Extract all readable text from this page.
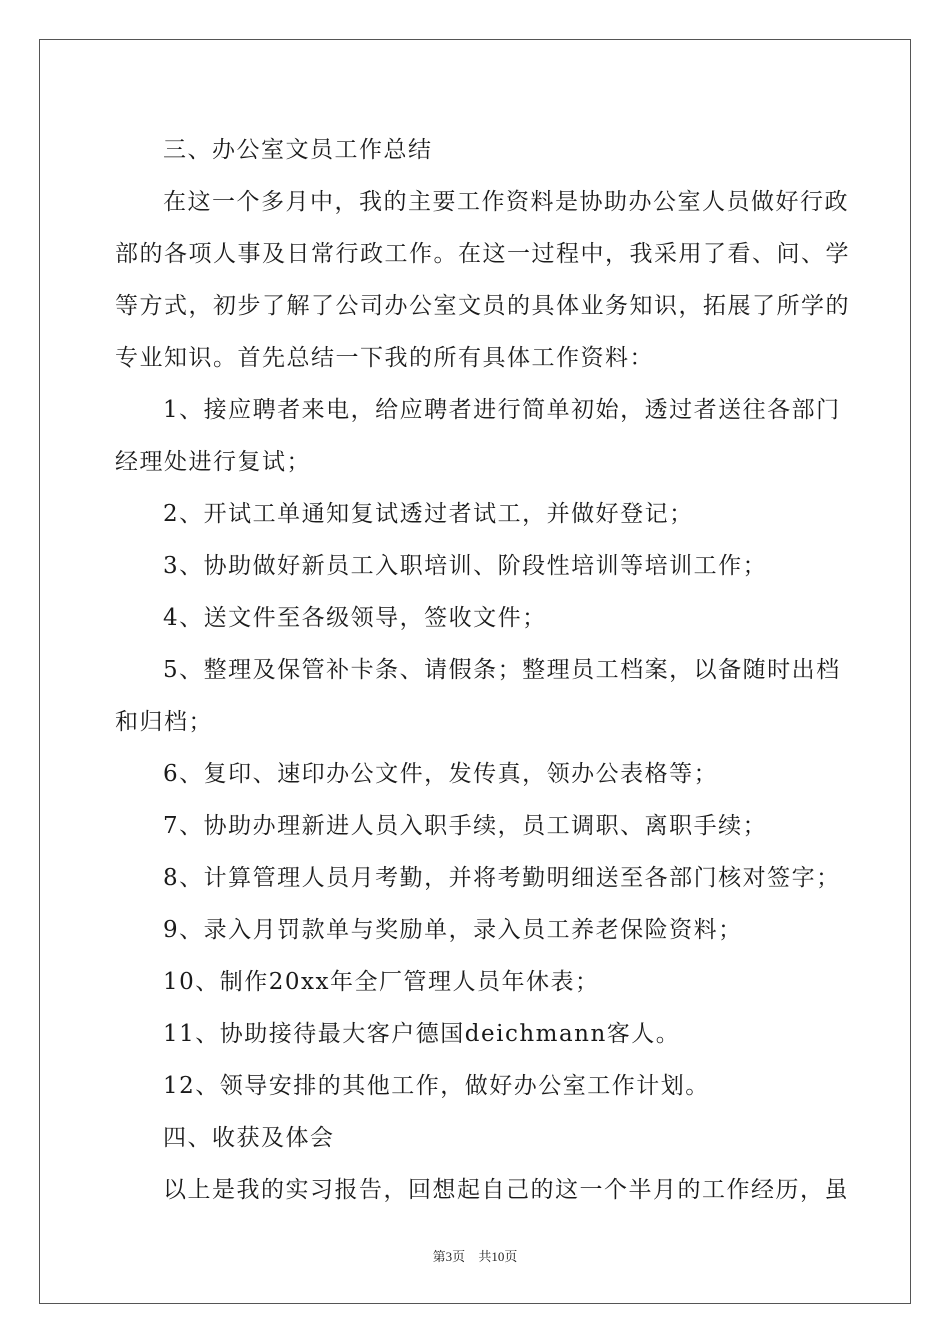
三、办公室文员工作总结

在这一个多月中，我的主要工作资料是协助办公室人员做好行政

部的各项人事及日常行政工作。在这一过程中，我采用了看、问、学

等方式，初步了解了公司办公室文员的具体业务知识，拓展了所学的

专业知识。首先总结一下我的所有具体工作资料：

1、接应聘者来电，给应聘者进行简单初始，透过者送往各部门

经理处进行复试；

2、开试工单通知复试透过者试工，并做好登记；

3、协助做好新员工入职培训、阶段性培训等培训工作；

4、送文件至各级领导，签收文件；

5、整理及保管补卡条、请假条；整理员工档案，以备随时出档

和归档；

6、复印、速印办公文件，发传真，领办公表格等；

7、协助办理新进人员入职手续，员工调职、离职手续；

8、计算管理人员月考勤，并将考勤明细送至各部门核对签字；

9、录入月罚款单与奖励单，录入员工养老保险资料；

10、制作20xx年全厂管理人员年休表；

11、协助接待最大客户德国deichmann客人。

12、领导安排的其他工作，做好办公室工作计划。

四、收获及体会

以上是我的实习报告，回想起自己的这一个半月的工作经历，虽

第3页 共10页
